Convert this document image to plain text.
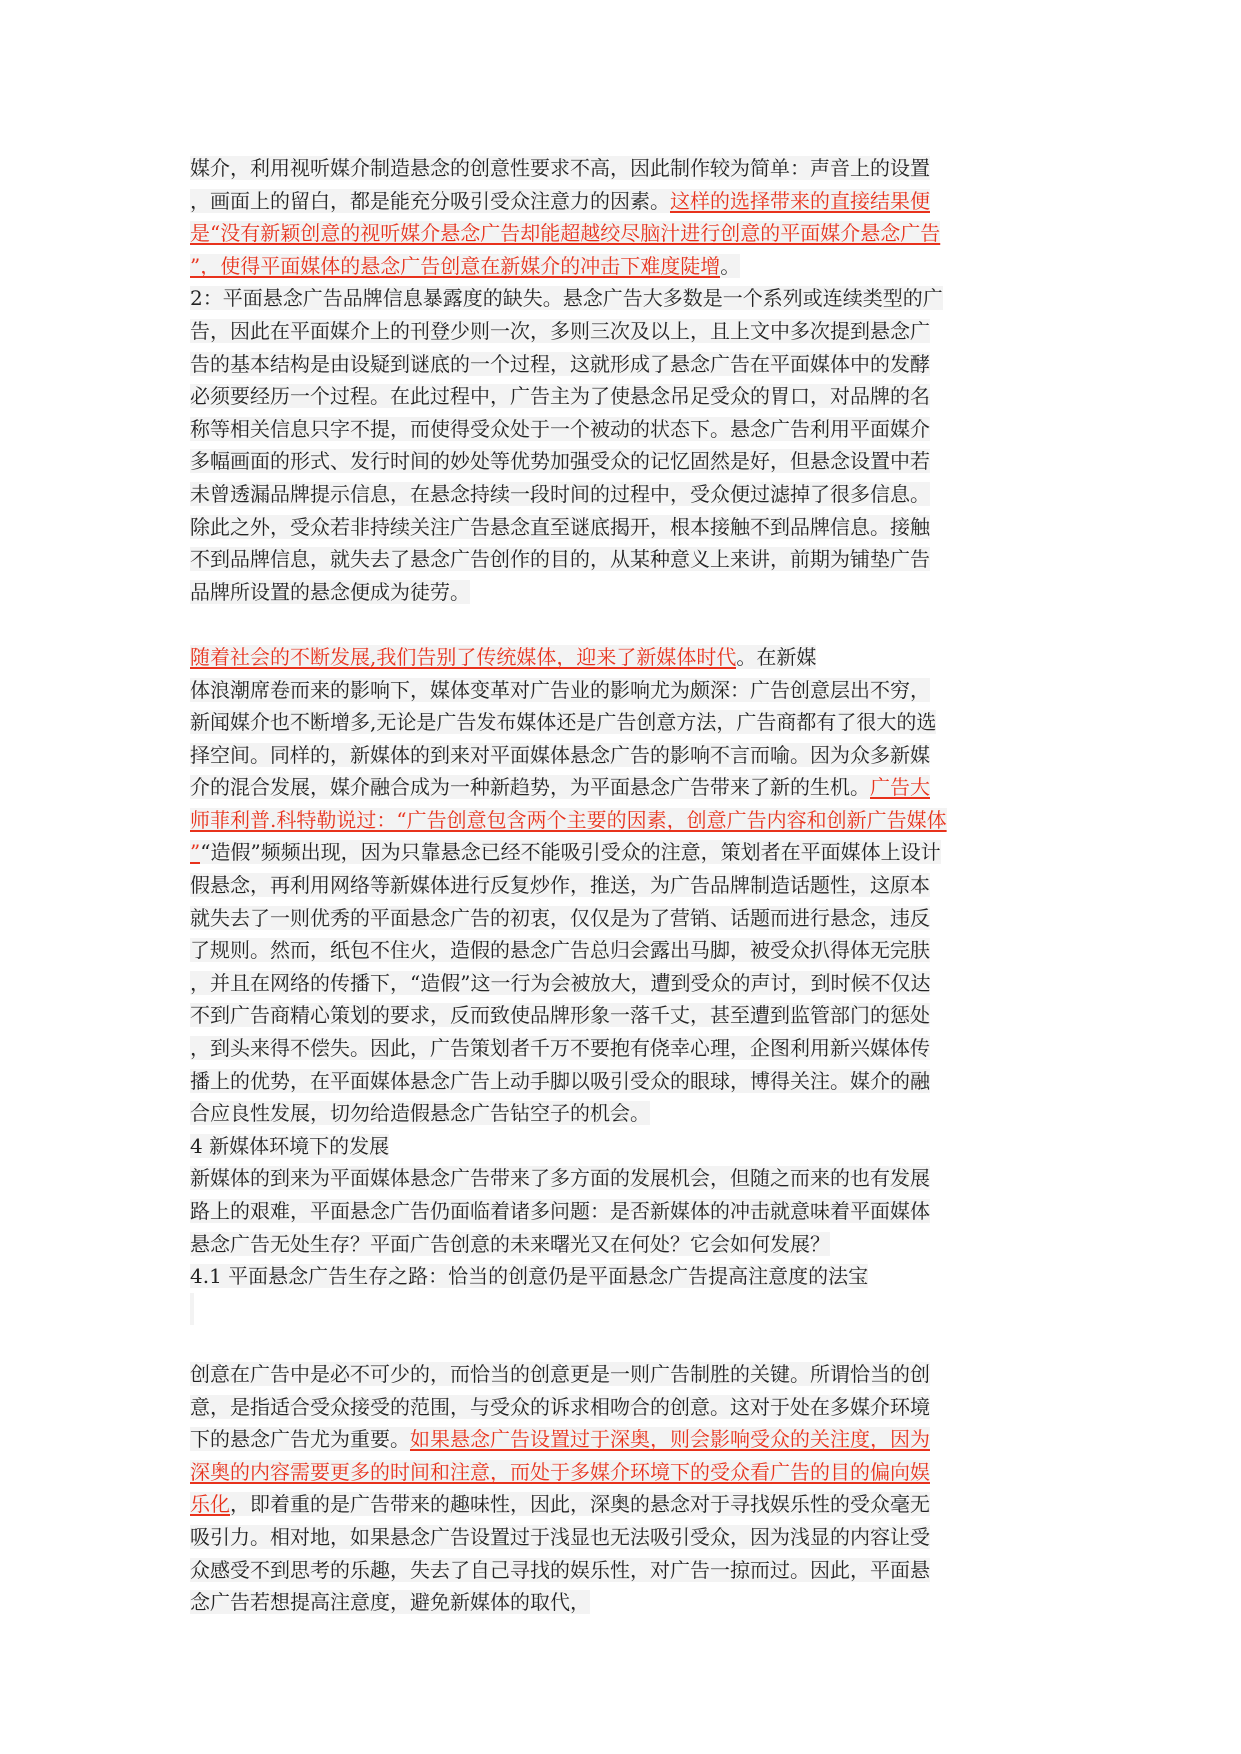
媒介，利用视听媒介制造悬念的创意性要求不高，因此制作较为简单：声音上的设置
，画面上的留白，都是能充分吸引受众注意力的因素。这样的选择带来的直接结果便
是“没有新颖创意的视听媒介悬念广告却能超越绞尽脑汁进行创意的平面媒介悬念广告
”，使得平面媒体的悬念广告创意在新媒介的冲击下难度陡增。
2：平面悬念广告品牌信息暴露度的缺失。悬念广告大多数是一个系列或连续类型的广
告，因此在平面媒介上的刊登少则一次，多则三次及以上，且上文中多次提到悬念广
告的基本结构是由设疑到谜底的一个过程，这就形成了悬念广告在平面媒体中的发酵
必须要经历一个过程。在此过程中，广告主为了使悬念吊足受众的胃口，对品牌的名
称等相关信息只字不提，而使得受众处于一个被动的状态下。悬念广告利用平面媒介
多幅画面的形式、发行时间的妙处等优势加强受众的记忆固然是好，但悬念设置中若
未曾透漏品牌提示信息，在悬念持续一段时间的过程中，受众便过滤掉了很多信息。
除此之外，受众若非持续关注广告悬念直至谜底揭开，根本接触不到品牌信息。接触
不到品牌信息，就失去了悬念广告创作的目的，从某种意义上来讲，前期为铺垫广告
品牌所设置的悬念便成为徒劳。
随着社会的不断发展,我们告别了传统媒体，迎来了新媒体时代。在新媒
体浪潮席卷而来的影响下，媒体变革对广告业的影响尤为颇深：广告创意层出不穷，
新闻媒介也不断增多,无论是广告发布媒体还是广告创意方法，广告商都有了很大的选
择空间。同样的，新媒体的到来对平面媒体悬念广告的影响不言而喻。因为众多新媒
介的混合发展，媒介融合成为一种新趋势，为平面悬念广告带来了新的生机。广告大
师菲利普.科特勒说过：“广告创意包含两个主要的因素，创意广告内容和创新广告媒体
”“造假”频频出现，因为只靠悬念已经不能吸引受众的注意，策划者在平面媒体上设计
假悬念，再利用网络等新媒体进行反复炒作，推送，为广告品牌制造话题性，这原本
就失去了一则优秀的平面悬念广告的初衷，仅仅是为了营销、话题而进行悬念，违反
了规则。然而，纸包不住火，造假的悬念广告总归会露出马脚，被受众扒得体无完肤
，并且在网络的传播下，“造假”这一行为会被放大，遭到受众的声讨，到时候不仅达
不到广告商精心策划的要求，反而致使品牌形象一落千丈，甚至遭到监管部门的惩处
，到头来得不偿失。因此，广告策划者千万不要抱有侥幸心理，企图利用新兴媒体传
播上的优势，在平面媒体悬念广告上动手脚以吸引受众的眼球，博得关注。媒介的融
合应良性发展，切勿给造假悬念广告钻空子的机会。
4 新媒体环境下的发展
新媒体的到来为平面媒体悬念广告带来了多方面的发展机会，但随之而来的也有发展
路上的艰难，平面悬念广告仍面临着诸多问题：是否新媒体的冲击就意味着平面媒体
悬念广告无处生存？平面广告创意的未来曙光又在何处？它会如何发展？
4.1 平面悬念广告生存之路：恰当的创意仍是平面悬念广告提高注意度的法宝
创意在广告中是必不可少的，而恰当的创意更是一则广告制胜的关键。所谓恰当的创
意，是指适合受众接受的范围，与受众的诉求相吻合的创意。这对于处在多媒介环境
下的悬念广告尤为重要。如果悬念广告设置过于深奥，则会影响受众的关注度，因为
深奥的内容需要更多的时间和注意，而处于多媒介环境下的受众看广告的目的偏向娱
乐化，即着重的是广告带来的趣味性，因此，深奥的悬念对于寻找娱乐性的受众毫无
吸引力。相对地，如果悬念广告设置过于浅显也无法吸引受众，因为浅显的内容让受
众感受不到思考的乐趣，失去了自己寻找的娱乐性，对广告一掠而过。因此，平面悬
念广告若想提高注意度，避免新媒体的取代，
